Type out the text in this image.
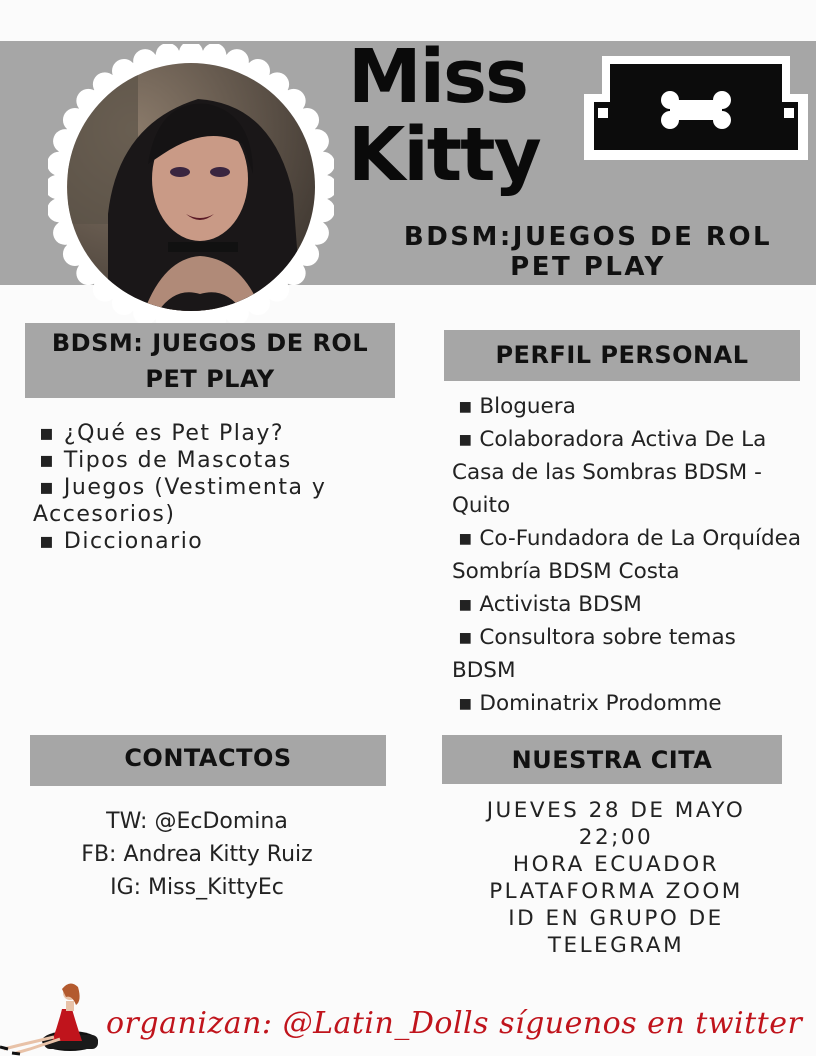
Miss
Kitty
BDSM:JUEGOS DE ROL
PET PLAY
BDSM: JUEGOS DE ROL
PET PLAY
▪ ¿Qué es Pet Play?
▪ Tipos de Mascotas
▪ Juegos (Vestimenta y Accesorios)
▪ Diccionario
PERFIL PERSONAL
▪ Bloguera
▪ Colaboradora Activa De La Casa de las Sombras BDSM -Quito
▪ Co-Fundadora de La Orquídea Sombría BDSM Costa
▪ Activista BDSM
▪ Consultora sobre temas BDSM
▪ Dominatrix Prodomme
CONTACTOS
TW: @EcDomina
FB: Andrea Kitty Ruiz
IG: Miss_KittyEc
NUESTRA CITA
JUEVES 28 DE MAYO
22;00
HORA ECUADOR
PLATAFORMA ZOOM
ID EN GRUPO DE
TELEGRAM
organizan: @Latin_Dolls síguenos en twitter
